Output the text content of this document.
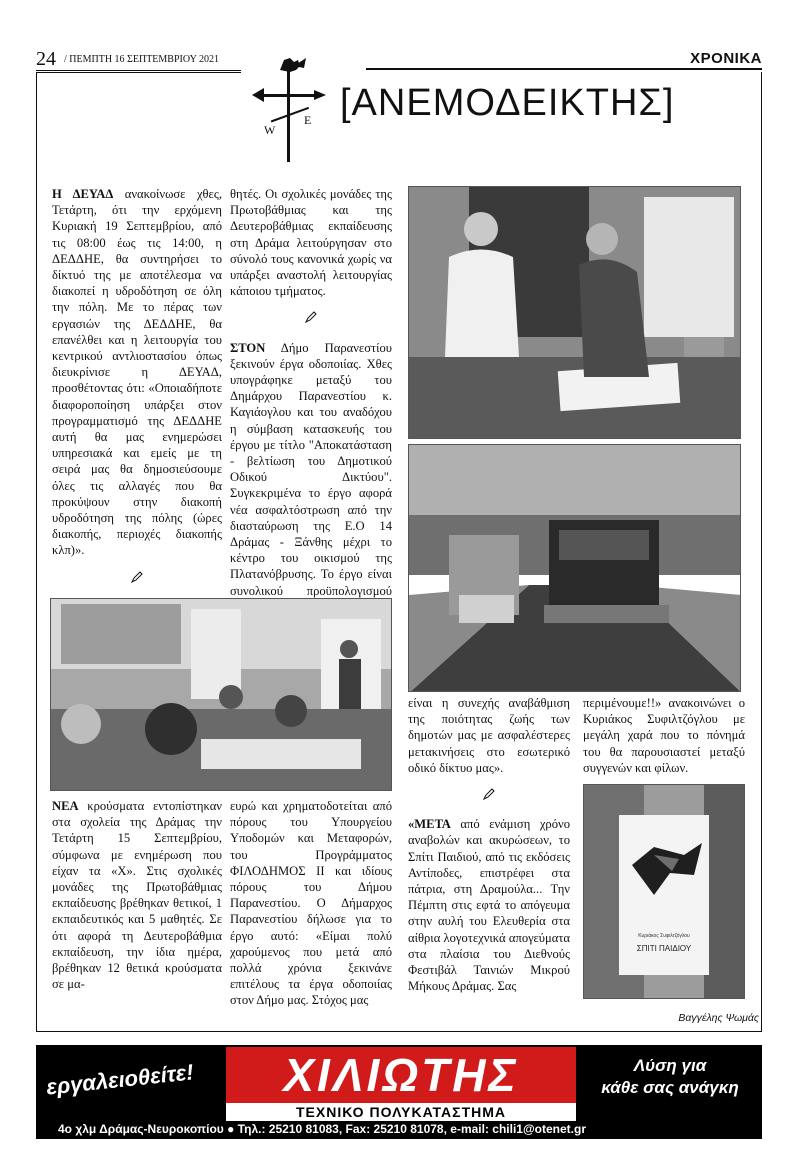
24 / ΠΕΜΠΤΗ 16 ΣΕΠΤΕΜΒΡΙΟΥ 2021	ΧΡΟΝΙΚΑ
W
E [ΑΝΕΜΟΔΕΙΚΤΗΣ]

Η ΔΕΥΑΔ ανακοίνωσε χθες, Τετάρτη, ότι την ερχόμενη Κυριακή 19 Σεπτεμβρίου, από τις 08:00 έως τις 14:00, η ΔΕΔΔΗΕ, θα συντηρήσει το δίκτυό της με αποτέλεσμα να διακοπεί η υδροδότηση σε όλη την πόλη. Με το πέρας των εργασιών της ΔΕΔΔΗΕ, θα επανέλθει και η λειτουργία του κεντρικού αντλιοστασίου όπως διευκρίνισε η ΔΕΥΑΔ, προσθέτοντας ότι: «Οποιαδήποτε διαφοροποίηση υπάρξει στον προγραμματισμό της ΔΕΔΔΗΕ αυτή θα μας ενημερώσει υπηρεσιακά και εμείς με τη σειρά μας θα δημοσιεύσουμε όλες τις αλλαγές που θα προκύψουν στην διακοπή υδροδότηση της πόλης (ώρες διακοπής, περιοχές διακοπής κλπ)».

θητές. Οι σχολικές μονάδες της Πρωτοβάθμιας και της Δευτεροβάθμιας εκπαίδευσης στη Δράμα λειτούργησαν στο σύνολό τους κανονικά χωρίς να υπάρξει αναστολή λειτουργίας κάποιου τμήματος.

ΣΤΟΝ Δήμο Παρανεστίου ξεκινούν έργα οδοποιίας. Χθες υπογράφηκε μεταξύ του Δημάρχου Παρανεστίου κ. Καγιάογλου και του αναδόχου η σύμβαση κατασκευής του έργου με τίτλο "Αποκατάσταση - βελτίωση του Δημοτικού Οδικού Δικτύου". Συγκεκριμένα το έργο αφορά νέα ασφαλτόστρωση από την διασταύρωση της Ε.Ο 14 Δράμας - Ξάνθης μέχρι το κέντρο του οικισμού της Πλατανόβρυσης. Το έργο είναι συνολικού προϋπολογισμού

είναι η συνεχής αναβάθμιση της ποιότητας ζωής των δημοτών μας με ασφαλέστερες μετακινήσεις στο εσωτερικό οδικό δίκτυο μας».

«ΜΕΤΑ από ενάμιση χρόνο αναβολών και ακυρώσεων, το Σπίτι Παιδιού, από τις εκδόσεις Αντίποδες, επιστρέφει στα πάτρια, στη Δραμούλα... Την Πέμπτη στις εφτά το απόγευμα στην αυλή του Ελευθερία στα αίθρια λογοτεχνικά απογεύματα στα πλαίσια του Διεθνούς Φεστιβάλ Ταινιών Μικρού Μήκους Δράμας. Σας

περιμένουμε!!» ανακοινώνει ο Κυριάκος Συφιλτζόγλου με μεγάλη χαρά που το πόνημά του θα παρουσιαστεί μεταξύ συγγενών και φίλων.

Κυριάκος Συφιλτζόγλου
ΣΠΙΤΙ ΠΑΙΔΙΟΥ

ΝΕΑ κρούσματα εντοπίστηκαν στα σχολεία της Δράμας την Τετάρτη 15 Σεπτεμβρίου, σύμφωνα με ενημέρωση που είχαν τα «Χ». Στις σχολικές μονάδες της Πρωτοβάθμιας εκπαίδευσης βρέθηκαν θετικοί, 1 εκπαιδευτικός και 5 μαθητές. Σε ότι αφορά τη Δευτεροβάθμια εκπαίδευση, την ίδια ημέρα, βρέθηκαν 12 θετικά κρούσματα σε μα-

ευρώ και χρηματοδοτείται από πόρους του Υπουργείου Υποδομών και Μεταφορών, του Προγράμματος ΦΙΛΟΔΗΜΟΣ ΙΙ και ιδίους πόρους του Δήμου Παρανεστίου. Ο Δήμαρχος Παρανεστίου δήλωσε για το έργο αυτό: «Είμαι πολύ χαρούμενος που μετά από πολλά χρόνια ξεκινάνε επιτέλους τα έργα οδοποιίας στον Δήμο μας. Στόχος μας

Βαγγέλης Ψωμάς
εργαλειοθείτε!	ΧΙΛΙΩΤΗΣ
ΤΕΧΝΙΚΟ ΠΟΛΥΚΑΤΑΣΤΗΜΑ
Λύση για
κάθε σας ανάγκη
4ο χλμ Δράμας-Νευροκοπίου ● Τηλ.: 25210 81083, Fax: 25210 81078, e-mail: chili1@otenet.gr
